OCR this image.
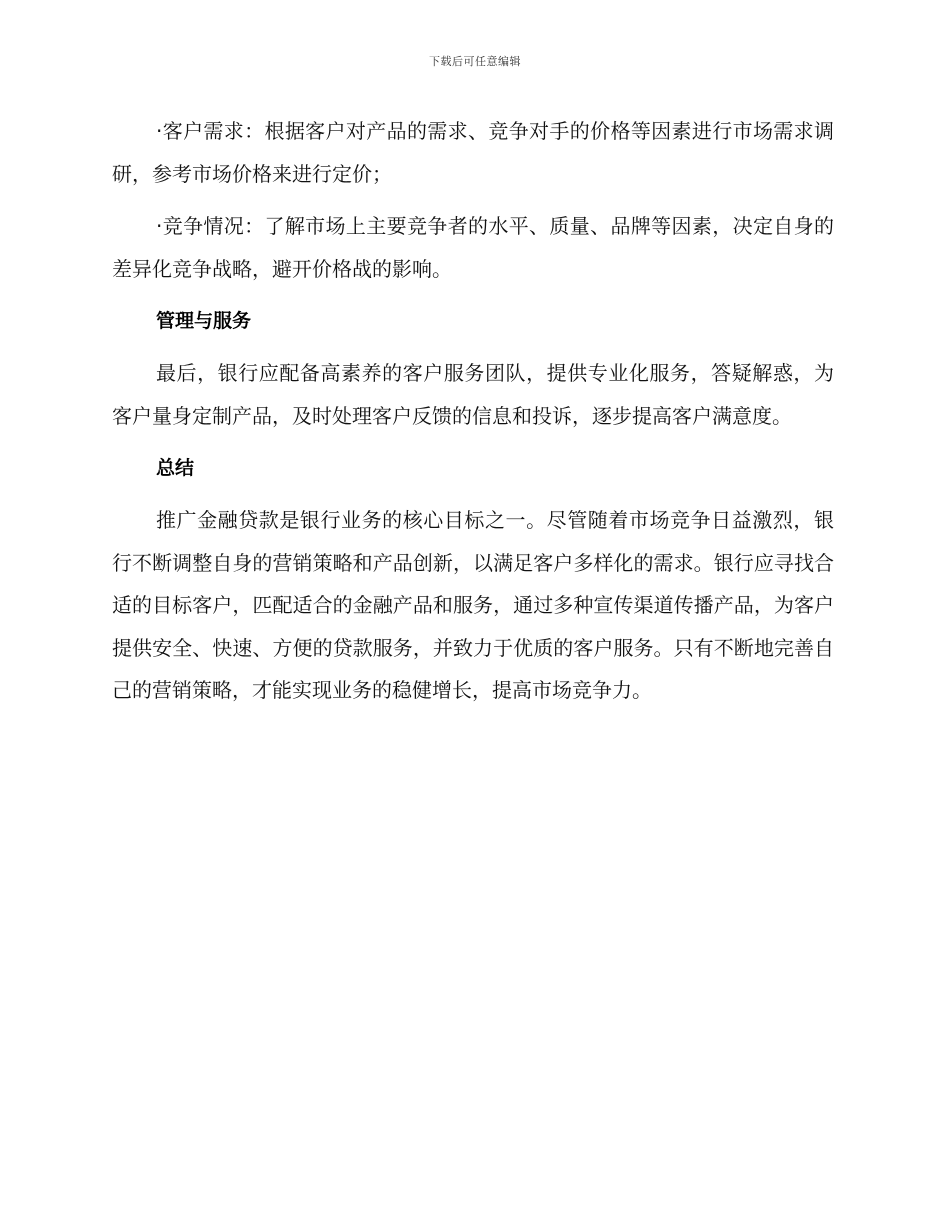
下载后可任意编辑

·客户需求：根据客户对产品的需求、竞争对手的价格等因素进行市场需求调研，参考市场价格来进行定价；

·竞争情况：了解市场上主要竞争者的水平、质量、品牌等因素，决定自身的差异化竞争战略，避开价格战的影响。

管理与服务

最后，银行应配备高素养的客户服务团队，提供专业化服务，答疑解惑，为客户量身定制产品，及时处理客户反馈的信息和投诉，逐步提高客户满意度。

总结

推广金融贷款是银行业务的核心目标之一。尽管随着市场竞争日益激烈，银行不断调整自身的营销策略和产品创新，以满足客户多样化的需求。银行应寻找合适的目标客户，匹配适合的金融产品和服务，通过多种宣传渠道传播产品，为客户提供安全、快速、方便的贷款服务，并致力于优质的客户服务。只有不断地完善自己的营销策略，才能实现业务的稳健增长，提高市场竞争力。
